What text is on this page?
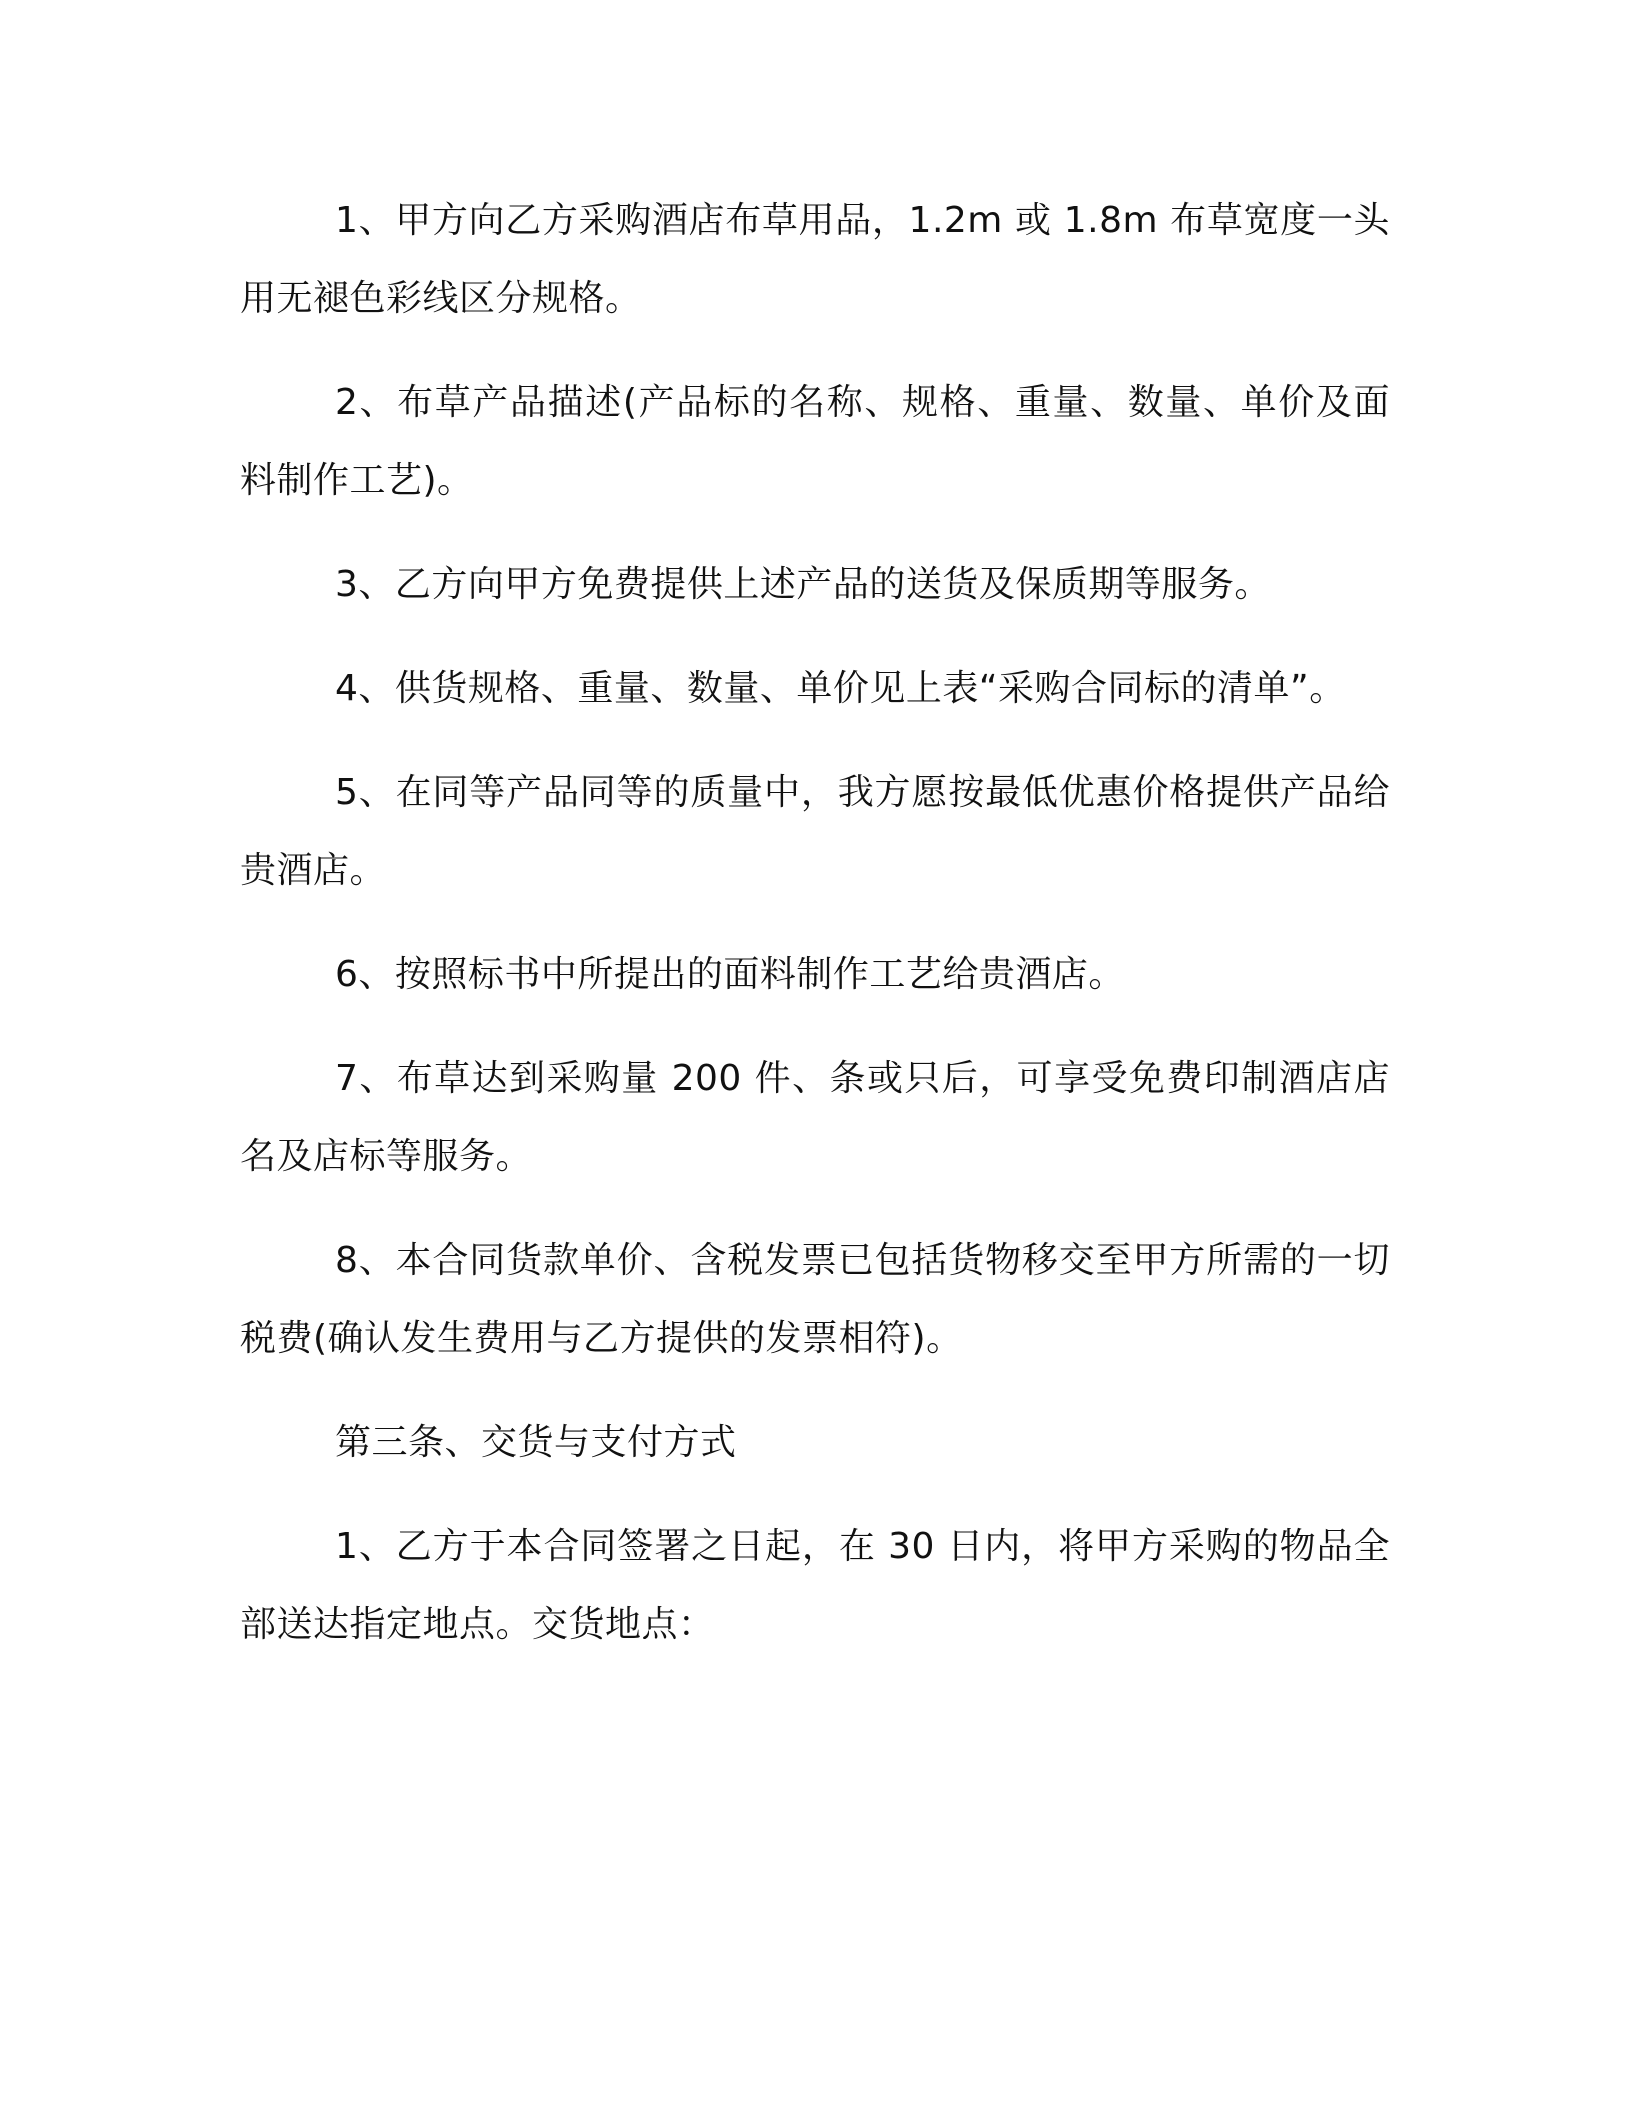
1、甲方向乙方采购酒店布草用品，1.2m 或 1.8m 布草宽度一头用无褪色彩线区分规格。

2、布草产品描述(产品标的名称、规格、重量、数量、单价及面料制作工艺)。

3、乙方向甲方免费提供上述产品的送货及保质期等服务。

4、供货规格、重量、数量、单价见上表“采购合同标的清单”。

5、在同等产品同等的质量中，我方愿按最低优惠价格提供产品给贵酒店。

6、按照标书中所提出的面料制作工艺给贵酒店。

7、布草达到采购量 200 件、条或只后，可享受免费印制酒店店名及店标等服务。

8、本合同货款单价、含税发票已包括货物移交至甲方所需的一切税费(确认发生费用与乙方提供的发票相符)。

第三条、交货与支付方式

1、乙方于本合同签署之日起，在 30 日内，将甲方采购的物品全部送达指定地点。交货地点：
